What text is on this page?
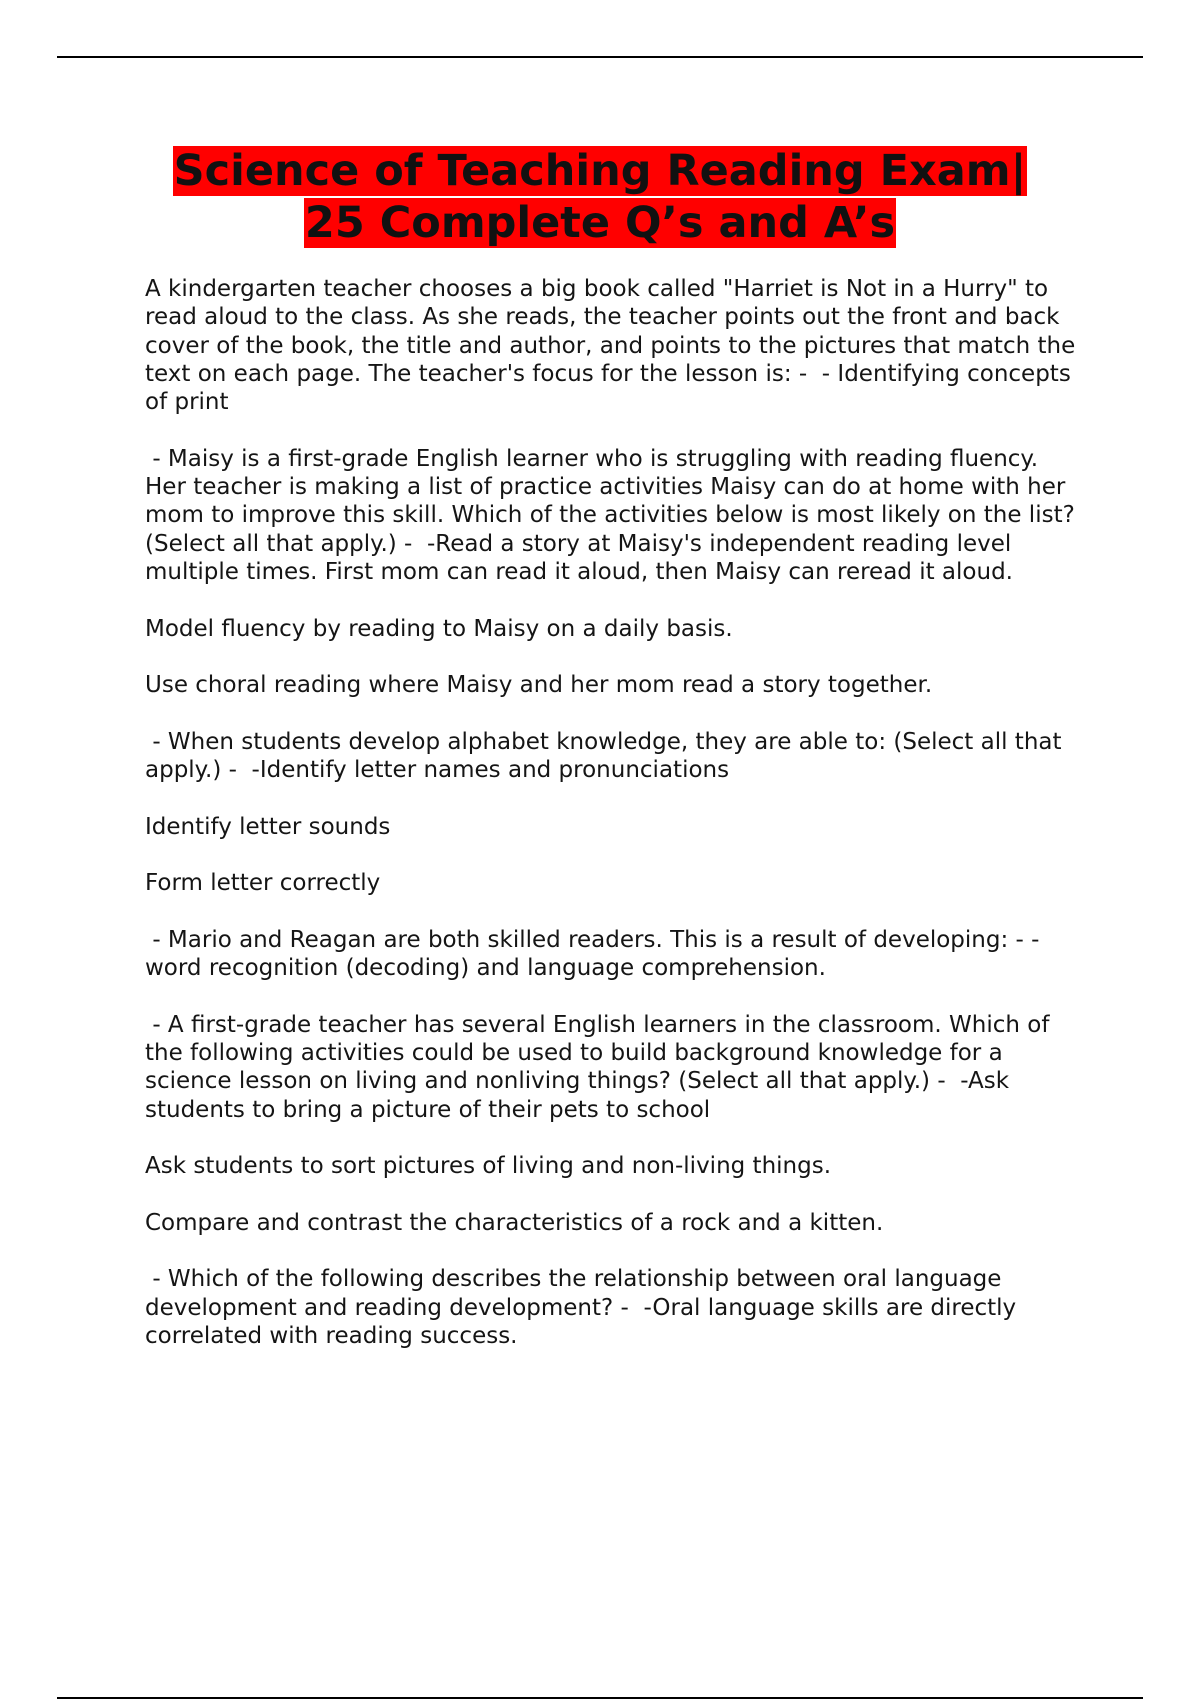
Science of Teaching Reading Exam|
25 Complete Q’s and A’s

A kindergarten teacher chooses a big book called "Harriet is Not in a Hurry" to read aloud to the class. As she reads, the teacher points out the front and back cover of the book, the title and author, and points to the pictures that match the text on each page. The teacher's focus for the lesson is: -  - Identifying concepts of print

- Maisy is a first-grade English learner who is struggling with reading fluency. Her teacher is making a list of practice activities Maisy can do at home with her mom to improve this skill. Which of the activities below is most likely on the list? (Select all that apply.) -  -Read a story at Maisy's independent reading level multiple times. First mom can read it aloud, then Maisy can reread it aloud.

Model fluency by reading to Maisy on a daily basis.

Use choral reading where Maisy and her mom read a story together.

- When students develop alphabet knowledge, they are able to: (Select all that apply.) -  -Identify letter names and pronunciations

Identify letter sounds

Form letter correctly

- Mario and Reagan are both skilled readers. This is a result of developing: - -word recognition (decoding) and language comprehension.

- A first-grade teacher has several English learners in the classroom. Which of the following activities could be used to build background knowledge for a science lesson on living and nonliving things? (Select all that apply.) -  -Ask students to bring a picture of their pets to school

Ask students to sort pictures of living and non-living things.

Compare and contrast the characteristics of a rock and a kitten.

- Which of the following describes the relationship between oral language development and reading development? -  -Oral language skills are directly correlated with reading success.
